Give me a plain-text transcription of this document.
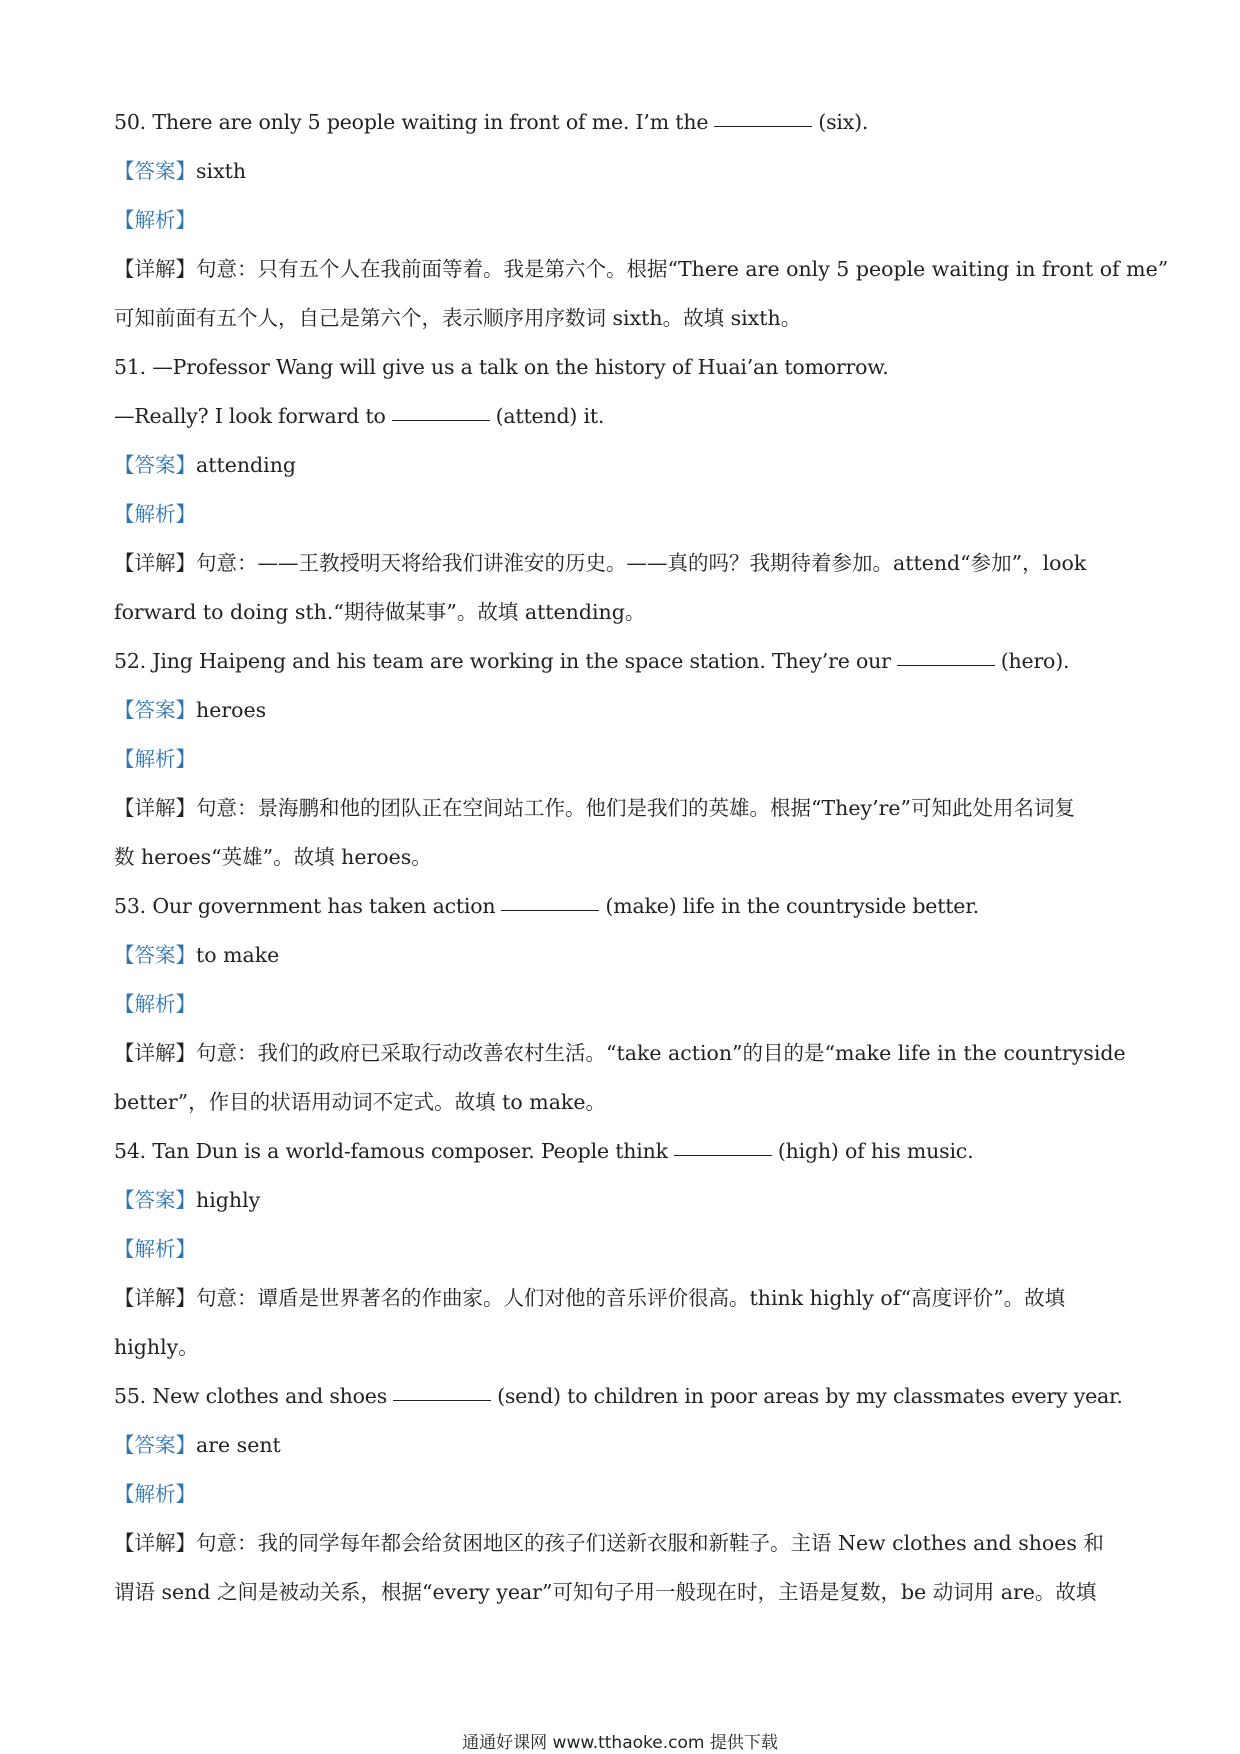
50. There are only 5 people waiting in front of me. I’m the	(six).
【答案】sixth
【解析】
【详解】句意：只有五个人在我前面等着。我是第六个。根据“There are only 5 people waiting in front of me”
可知前面有五个人，自己是第六个，表示顺序用序数词 sixth。故填 sixth。
51. —Professor Wang will give us a talk on the history of Huai’an tomorrow.
—Really? I look forward to	(attend) it.
【答案】attending
【解析】
【详解】句意：——王教授明天将给我们讲淮安的历史。——真的吗？我期待着参加。attend“参加”，look
forward to doing sth.“期待做某事”。故填 attending。
52. Jing Haipeng and his team are working in the space station. They’re our	(hero).
【答案】heroes
【解析】
【详解】句意：景海鹏和他的团队正在空间站工作。他们是我们的英雄。根据“They’re”可知此处用名词复
数 heroes“英雄”。故填 heroes。
53. Our government has taken action	(make) life in the countryside better.
【答案】to make
【解析】
【详解】句意：我们的政府已采取行动改善农村生活。“take action”的目的是“make life in the countryside
better”，作目的状语用动词不定式。故填 to make。
54. Tan Dun is a world-famous composer. People think	(high) of his music.
【答案】highly
【解析】
【详解】句意：谭盾是世界著名的作曲家。人们对他的音乐评价很高。think highly of“高度评价”。故填
highly。
55. New clothes and shoes	(send) to children in poor areas by my classmates every year.
【答案】are sent
【解析】
【详解】句意：我的同学每年都会给贫困地区的孩子们送新衣服和新鞋子。主语 New clothes and shoes 和
谓语 send 之间是被动关系，根据“every year”可知句子用一般现在时，主语是复数，be 动词用 are。故填
通通好课网 www.tthaoke.com 提供下载
